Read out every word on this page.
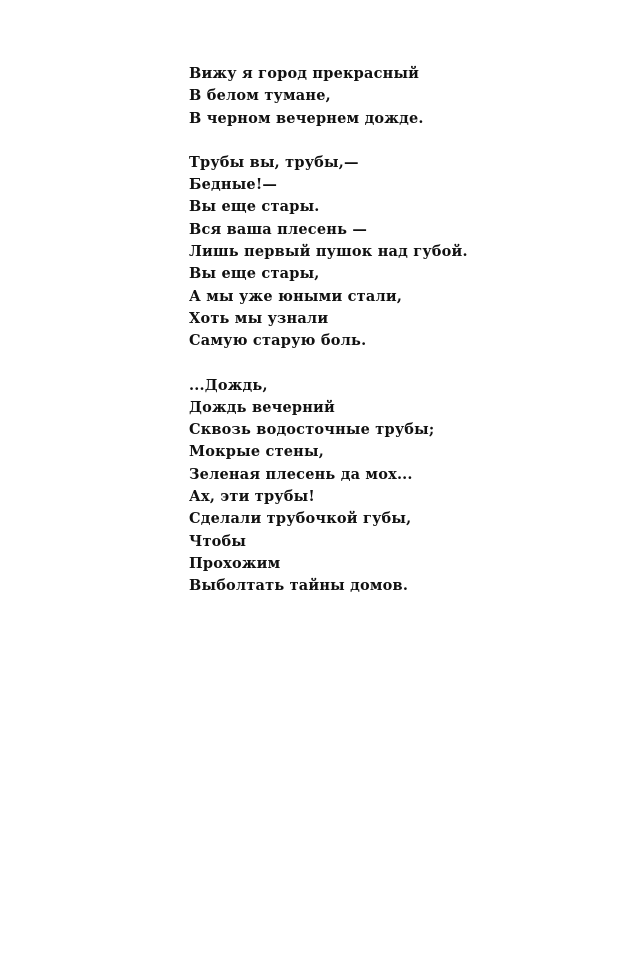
Вижу я город прекрасный
В белом тумане,
В черном вечернем дожде.
Трубы вы, трубы,—
Бедные!—
Вы еще стары.
Вся ваша плесень —
Лишь первый пушок над губой.
Вы еще стары,
А мы уже юными стали,
Хоть мы узнали
Самую старую боль.
...Дождь,
Дождь вечерний
Сквозь водосточные трубы;
Мокрые стены,
Зеленая плесень да мох...
Ах, эти трубы!
Сделали трубочкой губы,
Чтобы
Прохожим
Выболтать тайны домов.
